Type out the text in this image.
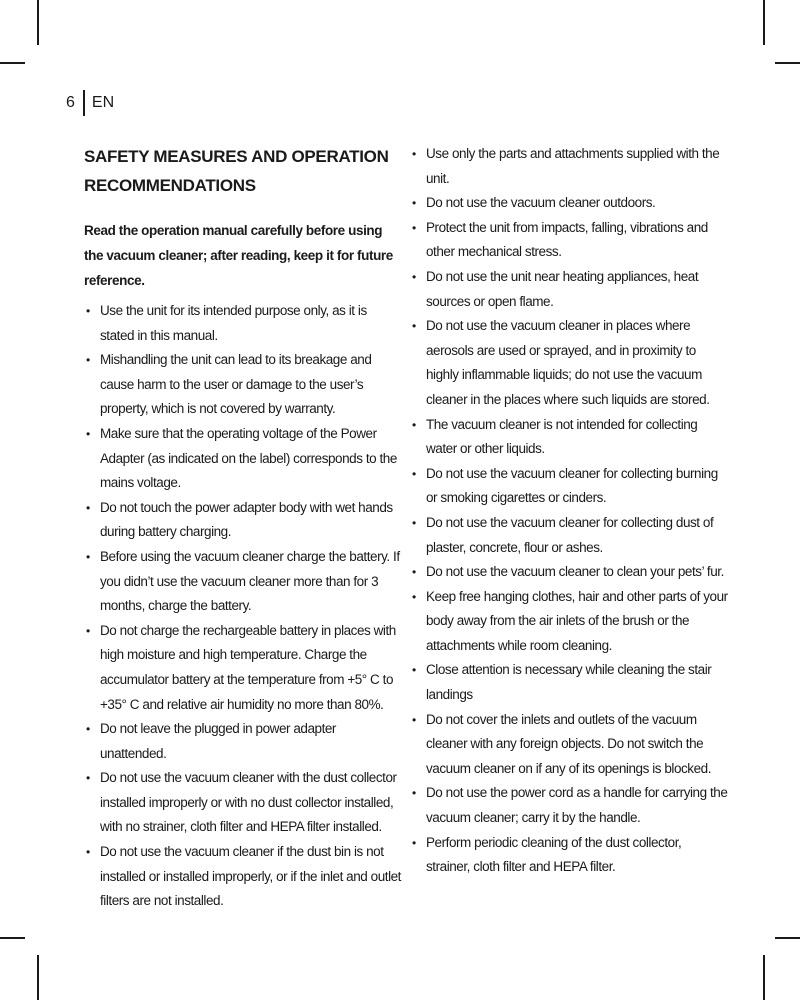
6 EN
SAFETY MEASURES AND OPERATION RECOMMENDATIONS

Read the operation manual carefully before using the vacuum cleaner; after reading, keep it for future reference.

• Use the unit for its intended purpose only, as it is stated in this manual.
• Mishandling the unit can lead to its breakage and cause harm to the user or damage to the user’s property, which is not covered by warranty.
• Make sure that the operating voltage of the Power Adapter (as indicated on the label) corresponds to the mains voltage.
• Do not touch the power adapter body with wet hands during battery charging.
• Before using the vacuum cleaner charge the battery. If you didn’t use the vacuum cleaner more than for 3 months, charge the battery.
• Do not charge the rechargeable battery in places with high moisture and high temperature. Charge the accumulator battery at the temperature from +5° C to +35° C and relative air humidity no more than 80%.
• Do not leave the plugged in power adapter unattended.
• Do not use the vacuum cleaner with the dust collector installed improperly or with no dust collector installed, with no strainer, cloth filter and HEPA filter installed.
• Do not use the vacuum cleaner if the dust bin is not installed or installed improperly, or if the inlet and outlet filters are not installed.
• Use only the parts and attachments supplied with the unit.
• Do not use the vacuum cleaner outdoors.
• Protect the unit from impacts, falling, vibrations and other mechanical stress.
• Do not use the unit near heating appliances, heat sources or open flame.
• Do not use the vacuum cleaner in places where aerosols are used or sprayed, and in proximity to highly inflammable liquids; do not use the vacuum cleaner in the places where such liquids are stored.
• The vacuum cleaner is not intended for collecting water or other liquids.
• Do not use the vacuum cleaner for collecting burning or smoking cigarettes or cinders.
• Do not use the vacuum cleaner for collecting dust of plaster, concrete, flour or ashes.
• Do not use the vacuum cleaner to clean your pets’ fur.
• Keep free hanging clothes, hair and other parts of your body away from the air inlets of the brush or the attachments while room cleaning.
• Close attention is necessary while cleaning the stair landings
• Do not cover the inlets and outlets of the vacuum cleaner with any foreign objects. Do not switch the vacuum cleaner on if any of its openings is blocked.
• Do not use the power cord as a handle for carrying the vacuum cleaner; carry it by the handle.
• Perform periodic cleaning of the dust collector, strainer, cloth filter and HEPA filter.
